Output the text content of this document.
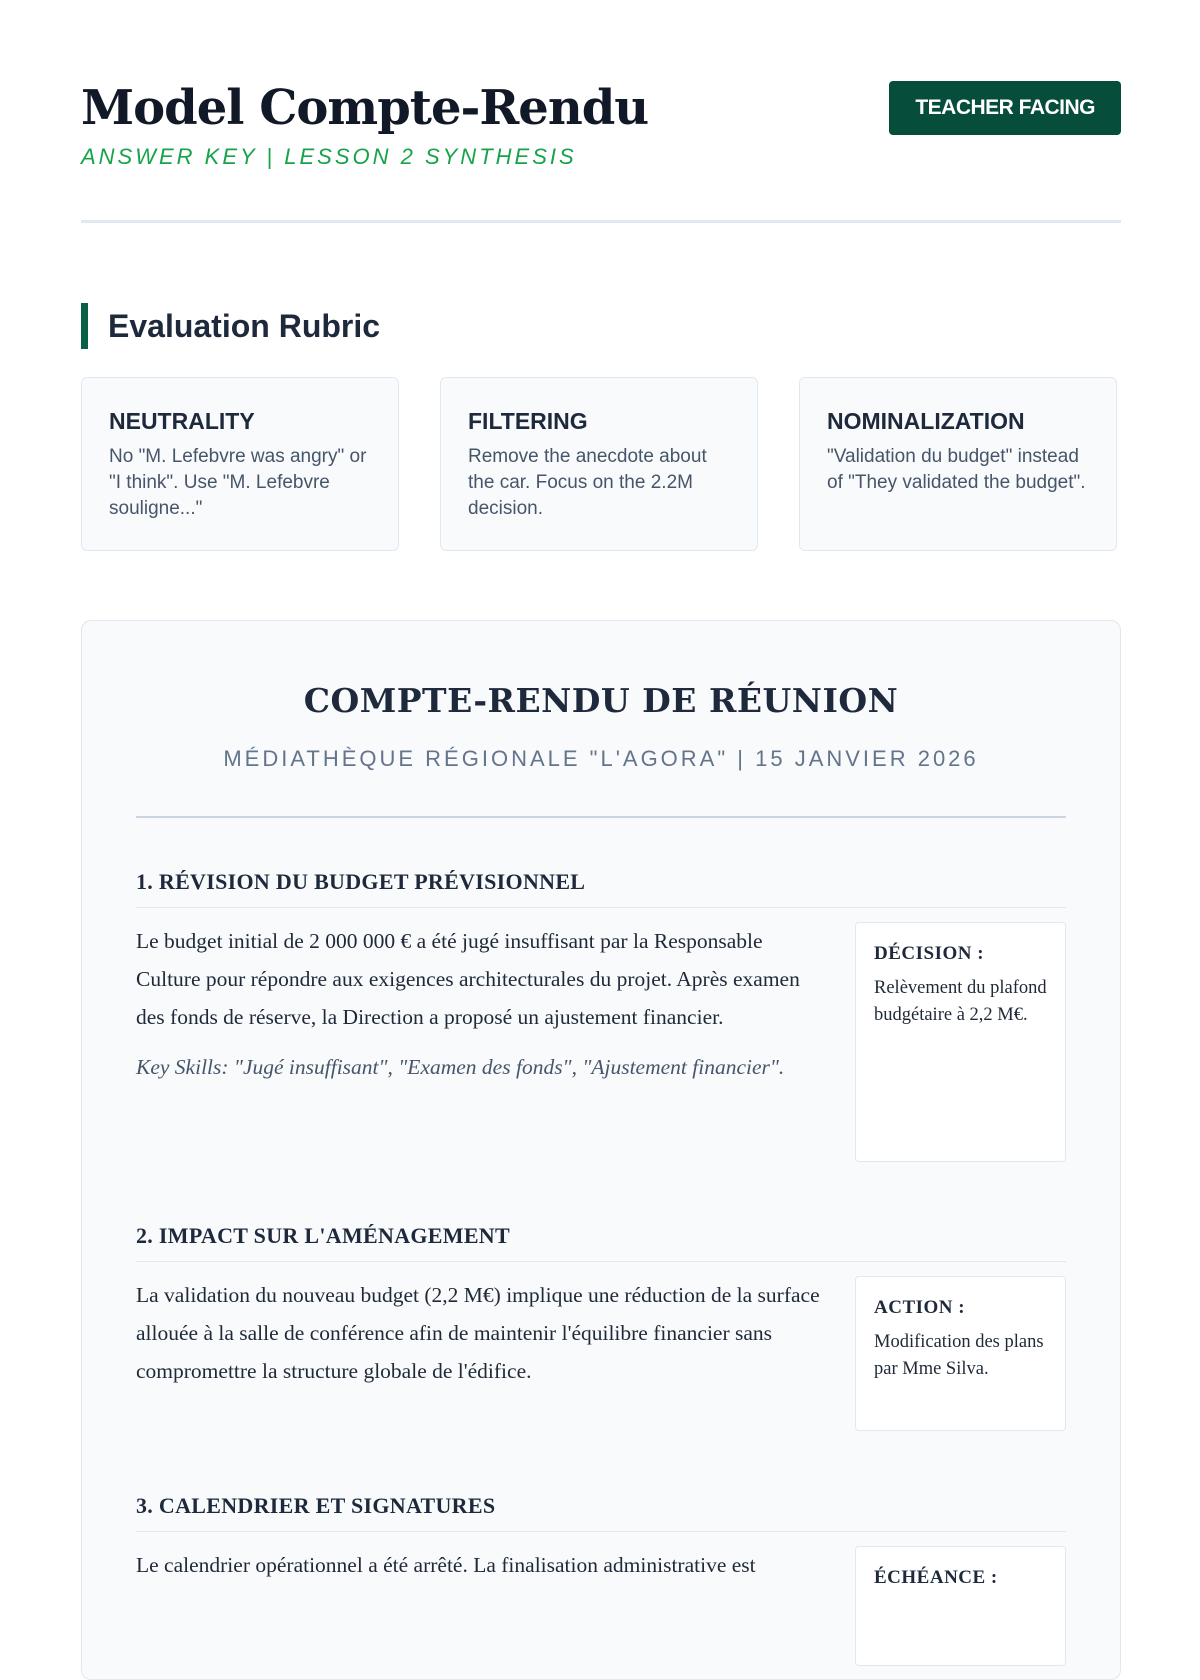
Model Compte-Rendu
ANSWER KEY | LESSON 2 SYNTHESIS
TEACHER FACING
Evaluation Rubric
NEUTRALITY
No "M. Lefebvre was angry" or "I think". Use "M. Lefebvre souligne..."
FILTERING
Remove the anecdote about the car. Focus on the 2.2M decision.
NOMINALIZATION
"Validation du budget" instead of "They validated the budget".
COMPTE-RENDU DE RÉUNION
MÉDIATHÈQUE RÉGIONALE "L'AGORA" | 15 JANVIER 2026
1. RÉVISION DU BUDGET PRÉVISIONNEL

Le budget initial de 2 000 000 € a été jugé insuffisant par la Responsable Culture pour répondre aux exigences architecturales du projet. Après examen des fonds de réserve, la Direction a proposé un ajustement financier.

Key Skills: "Jugé insuffisant", "Examen des fonds", "Ajustement financier".

DÉCISION :
Relèvement du plafond budgétaire à 2,2 M€.
2. IMPACT SUR L'AMÉNAGEMENT

La validation du nouveau budget (2,2 M€) implique une réduction de la surface allouée à la salle de conférence afin de maintenir l'équilibre financier sans compromettre la structure globale de l'édifice.

ACTION :
Modification des plans par Mme Silva.
3. CALENDRIER ET SIGNATURES

Le calendrier opérationnel a été arrêté. La finalisation administrative est

ÉCHÉANCE :
